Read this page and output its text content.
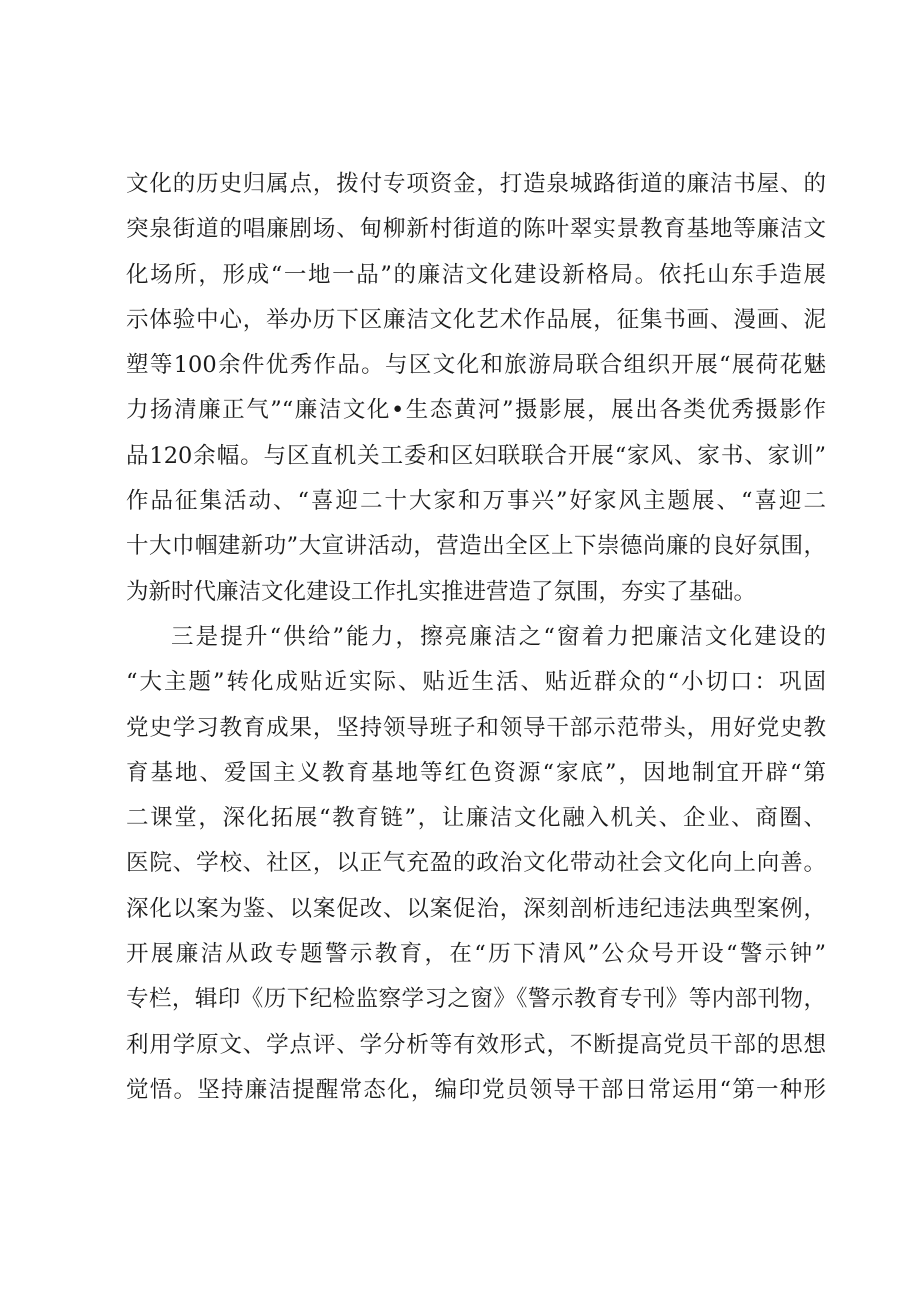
文化的历史归属点，拨付专项资金，打造泉城路街道的廉洁书屋、的
突泉街道的唱廉剧场、甸柳新村街道的陈叶翠实景教育基地等廉洁文
化场所，形成“一地一品”的廉洁文化建设新格局。依托山东手造展
示体验中心，举办历下区廉洁文化艺术作品展，征集书画、漫画、泥
塑等100余件优秀作品。与区文化和旅游局联合组织开展“展荷花魅
力扬清廉正气”“廉洁文化•生态黄河”摄影展，展出各类优秀摄影作
品120余幅。与区直机关工委和区妇联联合开展“家风、家书、家训”
作品征集活动、“喜迎二十大家和万事兴”好家风主题展、“喜迎二
十大巾帼建新功”大宣讲活动，营造出全区上下崇德尚廉的良好氛围，
为新时代廉洁文化建设工作扎实推进营造了氛围，夯实了基础。
三是提升“供给”能力，擦亮廉洁之“窗着力把廉洁文化建设的
“大主题”转化成贴近实际、贴近生活、贴近群众的“小切口：巩固
党史学习教育成果，坚持领导班子和领导干部示范带头，用好党史教
育基地、爱国主义教育基地等红色资源“家底”，因地制宜开辟“第
二课堂，深化拓展“教育链”，让廉洁文化融入机关、企业、商圈、
医院、学校、社区，以正气充盈的政治文化带动社会文化向上向善。
深化以案为鉴、以案促改、以案促治，深刻剖析违纪违法典型案例，
开展廉洁从政专题警示教育，在“历下清风”公众号开设“警示钟”
专栏，辑印《历下纪检监察学习之窗》《警示教育专刊》等内部刊物，
利用学原文、学点评、学分析等有效形式，不断提高党员干部的思想
觉悟。坚持廉洁提醒常态化，编印党员领导干部日常运用“第一种形
